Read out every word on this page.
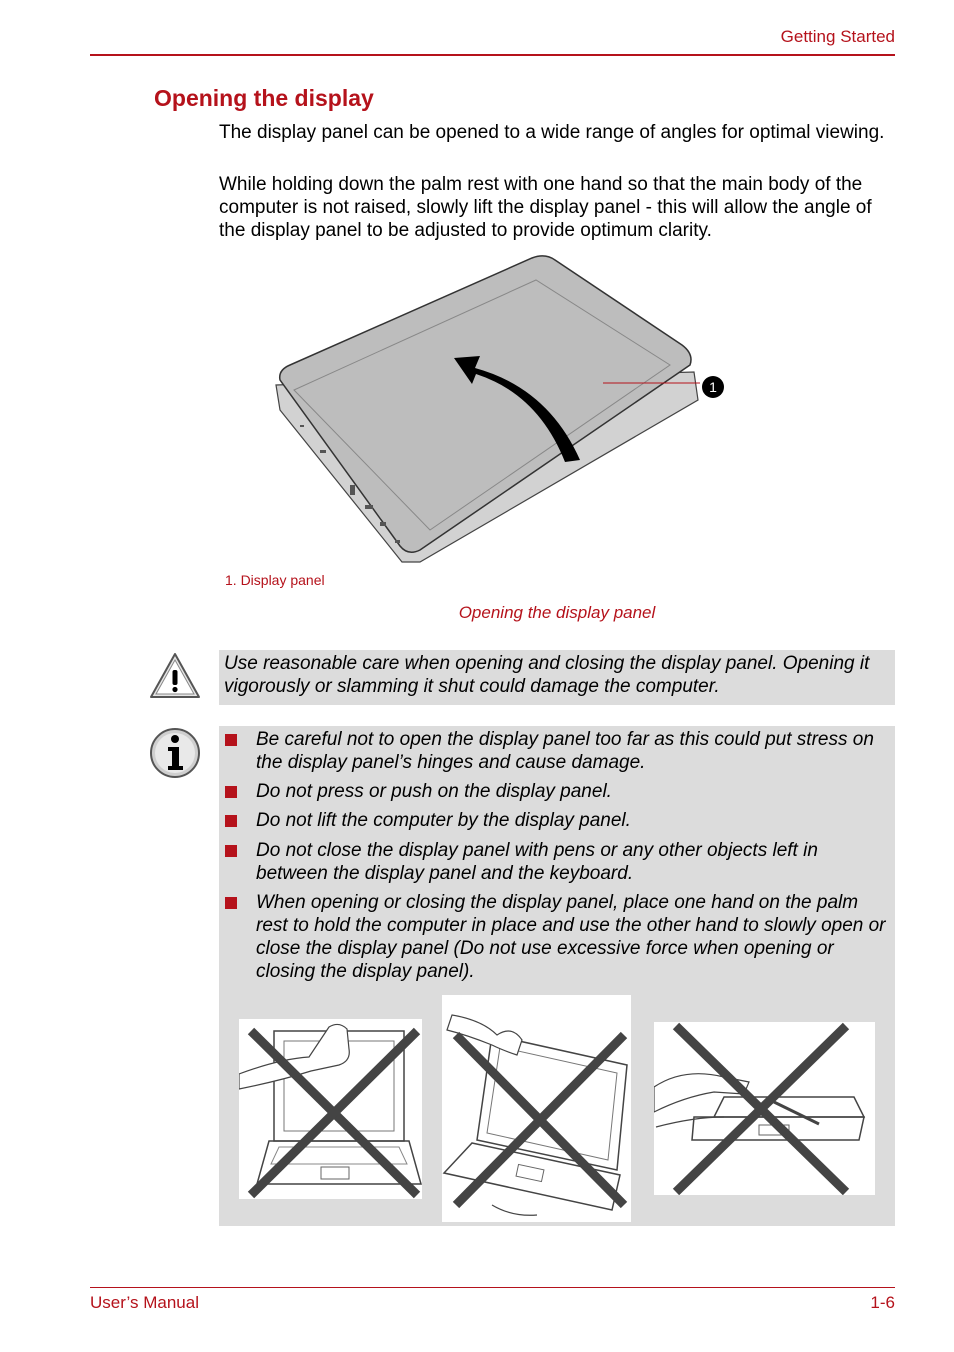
Getting Started
Opening the display
The display panel can be opened to a wide range of angles for optimal viewing.
While holding down the palm rest with one hand so that the main body of the computer is not raised, slowly lift the display panel - this will allow the angle of the display panel to be adjusted to provide optimum clarity.
1
1. Display panel
Opening the display panel
Use reasonable care when opening and closing the display panel. Opening it vigorously or slamming it shut could damage the computer.
Be careful not to open the display panel too far as this could put stress on the display panel’s hinges and cause damage.
Do not press or push on the display panel.
Do not lift the computer by the display panel.
Do not close the display panel with pens or any other objects left in between the display panel and the keyboard.
When opening or closing the display panel, place one hand on the palm rest to hold the computer in place and use the other hand to slowly open or close the display panel (Do not use excessive force when opening or closing the display panel).
User’s Manual	1-6
